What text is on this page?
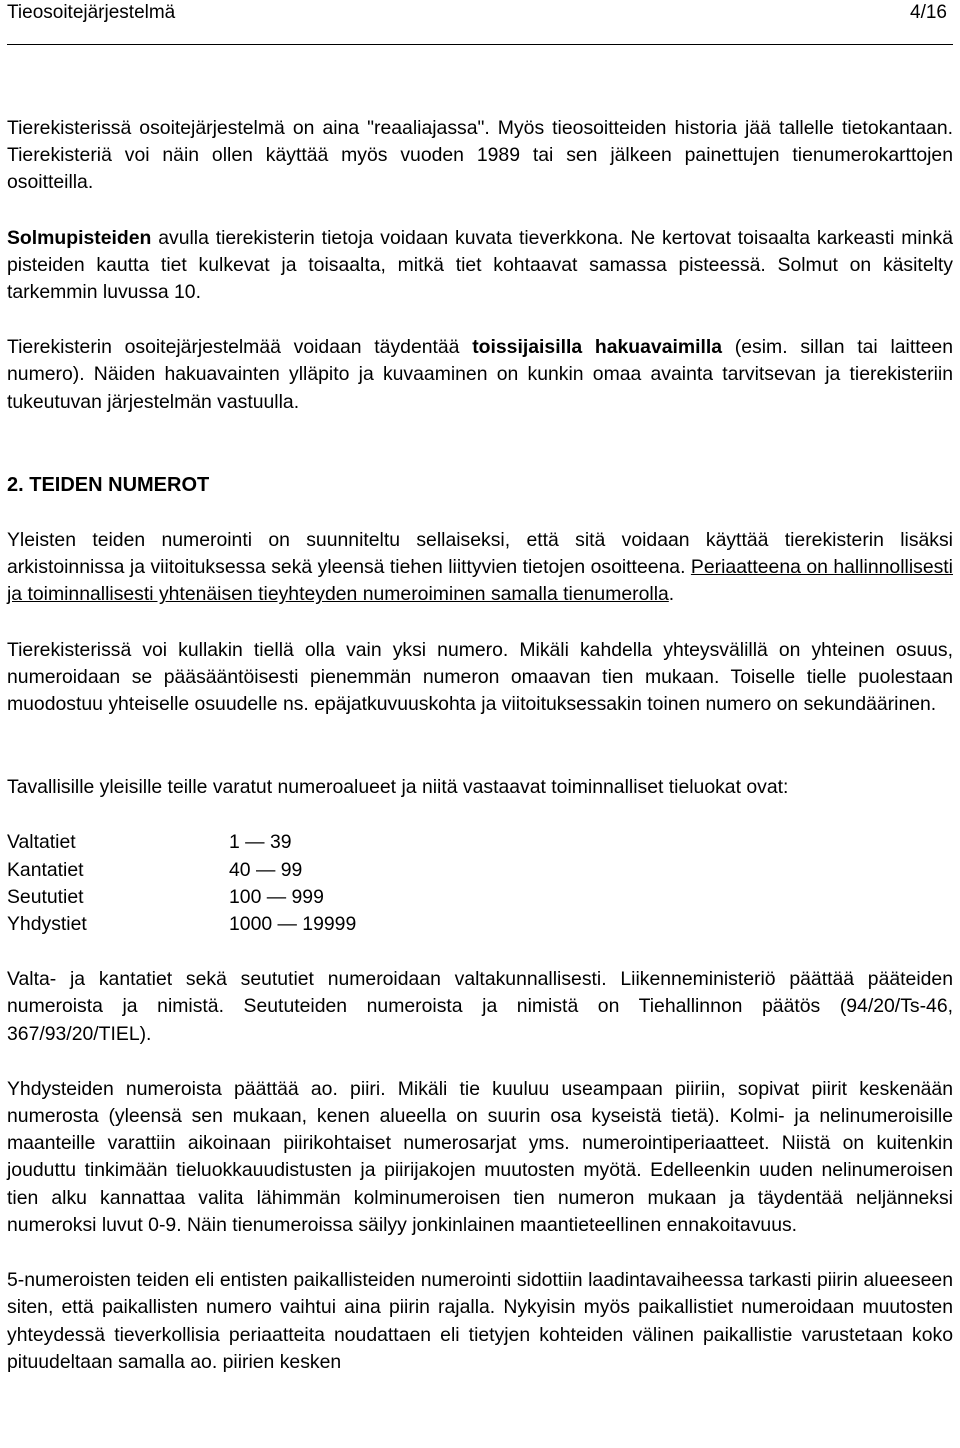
Tieosoitejärjestelmä	4/16

Tierekisterissä osoitejärjestelmä on aina "reaaliajassa". Myös tieosoitteiden historia jää tallelle tietokantaan. Tierekisteriä voi näin ollen käyttää myös vuoden 1989 tai sen jälkeen painettujen tienumerokarttojen osoitteilla.

Solmupisteiden avulla tierekisterin tietoja voidaan kuvata tieverkkona. Ne kertovat toisaalta karkeasti minkä pisteiden kautta tiet kulkevat ja toisaalta, mitkä tiet kohtaavat samassa pisteessä. Solmut on käsitelty tarkemmin luvussa 10.

Tierekisterin osoitejärjestelmää voidaan täydentää toissijaisilla hakuavaimilla (esim. sillan tai laitteen numero). Näiden hakuavainten ylläpito ja kuvaaminen on kunkin omaa avainta tarvitsevan ja tierekisteriin tukeutuvan järjestelmän vastuulla.

2. TEIDEN NUMEROT

Yleisten teiden numerointi on suunniteltu sellaiseksi, että sitä voidaan käyttää tierekisterin lisäksi arkistoinnissa ja viitoituksessa sekä yleensä tiehen liittyvien tietojen osoitteena. Periaatteena on hallinnollisesti ja toiminnallisesti yhtenäisen tieyhteyden numeroiminen samalla tienumerolla.

Tierekisterissä voi kullakin tiellä olla vain yksi numero. Mikäli kahdella yhteysvälillä on yhteinen osuus, numeroidaan se pääsääntöisesti pienemmän numeron omaavan tien mukaan. Toiselle tielle puolestaan muodostuu yhteiselle osuudelle ns. epäjatkuvuuskohta ja viitoituksessakin toinen numero on sekundäärinen.

Tavallisille yleisille teille varatut numeroalueet ja niitä vastaavat toiminnalliset tieluokat ovat:

Valtatiet	1 — 39
Kantatiet	40 — 99
Seututiet	100 — 999
Yhdystiet	1000 — 19999

Valta- ja kantatiet sekä seututiet numeroidaan valtakunnallisesti. Liikenneministeriö päättää pääteiden numeroista ja nimistä. Seututeiden numeroista ja nimistä on Tiehallinnon päätös (94/20/Ts-46, 367/93/20/TIEL).

Yhdysteiden numeroista päättää ao. piiri. Mikäli tie kuuluu useampaan piiriin, sopivat piirit keskenään numerosta (yleensä sen mukaan, kenen alueella on suurin osa kyseistä tietä). Kolmi- ja nelinumeroisille maanteille varattiin aikoinaan piirikohtaiset numerosarjat yms. numerointiperiaatteet. Niistä on kuitenkin jouduttu tinkimään tieluokkauudistusten ja piirijakojen muutosten myötä. Edelleenkin uuden nelinumeroisen tien alku kannattaa valita lähimmän kolminumeroisen tien numeron mukaan ja täydentää neljänneksi numeroksi luvut 0-9. Näin tienumeroissa säilyy jonkinlainen maantieteellinen ennakoitavuus.

5-numeroisten teiden eli entisten paikallisteiden numerointi sidottiin laadintavaiheessa tarkasti piirin alueeseen siten, että paikallisten numero vaihtui aina piirin rajalla. Nykyisin myös paikallistiet numeroidaan muutosten yhteydessä tieverkollisia periaatteita noudattaen eli tietyjen kohteiden välinen paikallistie varustetaan koko pituudeltaan samalla ao. piirien kesken
